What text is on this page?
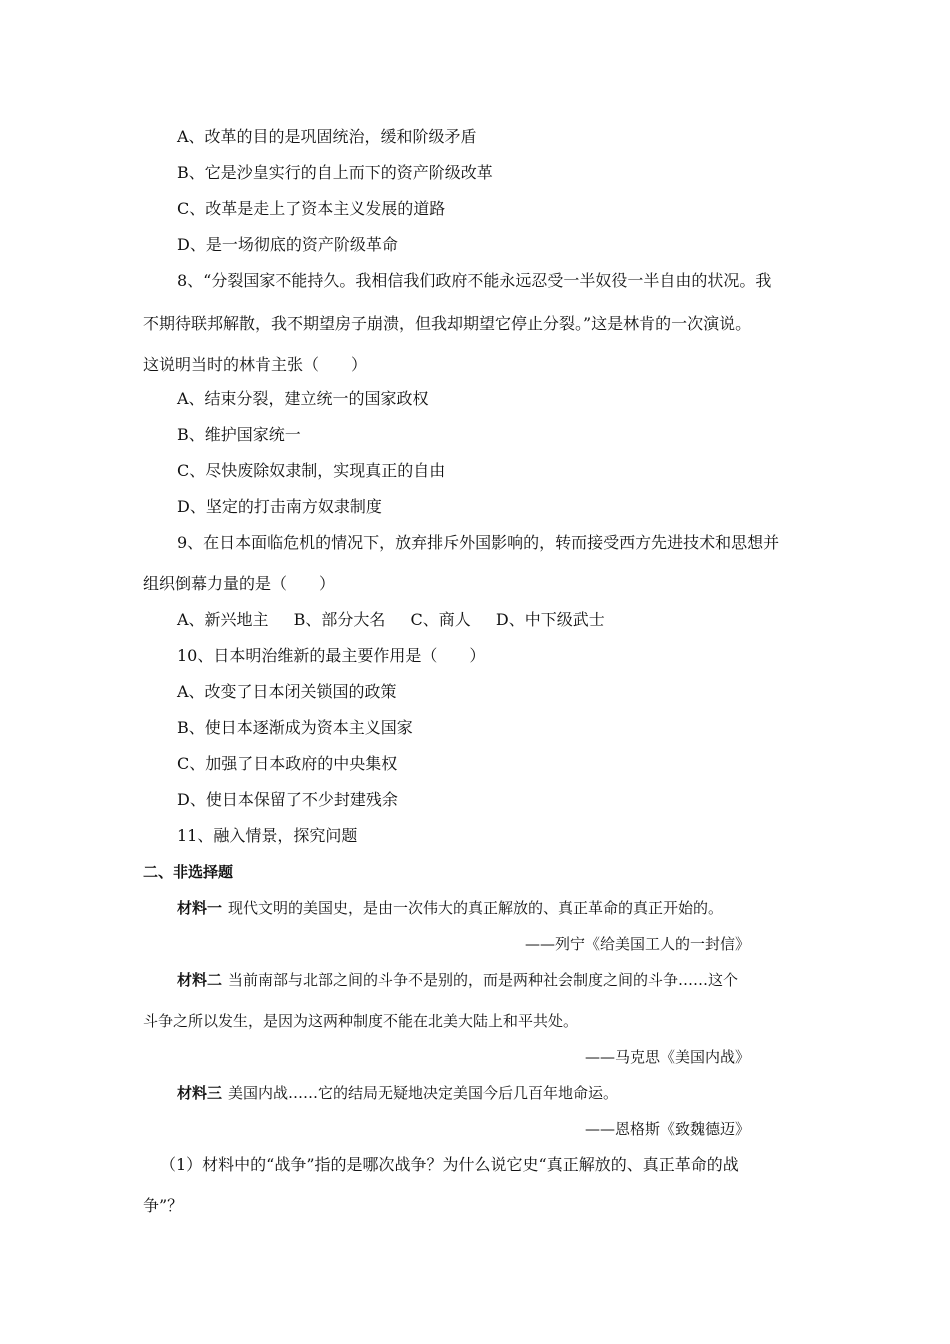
A、改革的目的是巩固统治，缓和阶级矛盾
B、它是沙皇实行的自上而下的资产阶级改革
C、改革是走上了资本主义发展的道路
D、是一场彻底的资产阶级革命
8、“分裂国家不能持久。我相信我们政府不能永远忍受一半奴役一半自由的状况。我
不期待联邦解散，我不期望房子崩溃，但我却期望它停止分裂。”这是林肯的一次演说。
这说明当时的林肯主张（　　）
A、结束分裂，建立统一的国家政权
B、维护国家统一
C、尽快废除奴隶制，实现真正的自由
D、坚定的打击南方奴隶制度
9、在日本面临危机的情况下，放弃排斥外国影响的，转而接受西方先进技术和思想并
组织倒幕力量的是（　　）
A、新兴地主 B、部分大名 C、商人 D、中下级武士
10、日本明治维新的最主要作用是（　　）
A、改变了日本闭关锁国的政策
B、使日本逐渐成为资本主义国家
C、加强了日本政府的中央集权
D、使日本保留了不少封建残余
11、融入情景，探究问题
二、非选择题
材料一 现代文明的美国史，是由一次伟大的真正解放的、真正革命的真正开始的。
——列宁《给美国工人的一封信》
材料二 当前南部与北部之间的斗争不是别的，而是两种社会制度之间的斗争……这个
斗争之所以发生，是因为这两种制度不能在北美大陆上和平共处。
——马克思《美国内战》
材料三 美国内战……它的结局无疑地决定美国今后几百年地命运。
——恩格斯《致魏德迈》
（1）材料中的“战争”指的是哪次战争？为什么说它史“真正解放的、真正革命的战
争”？
